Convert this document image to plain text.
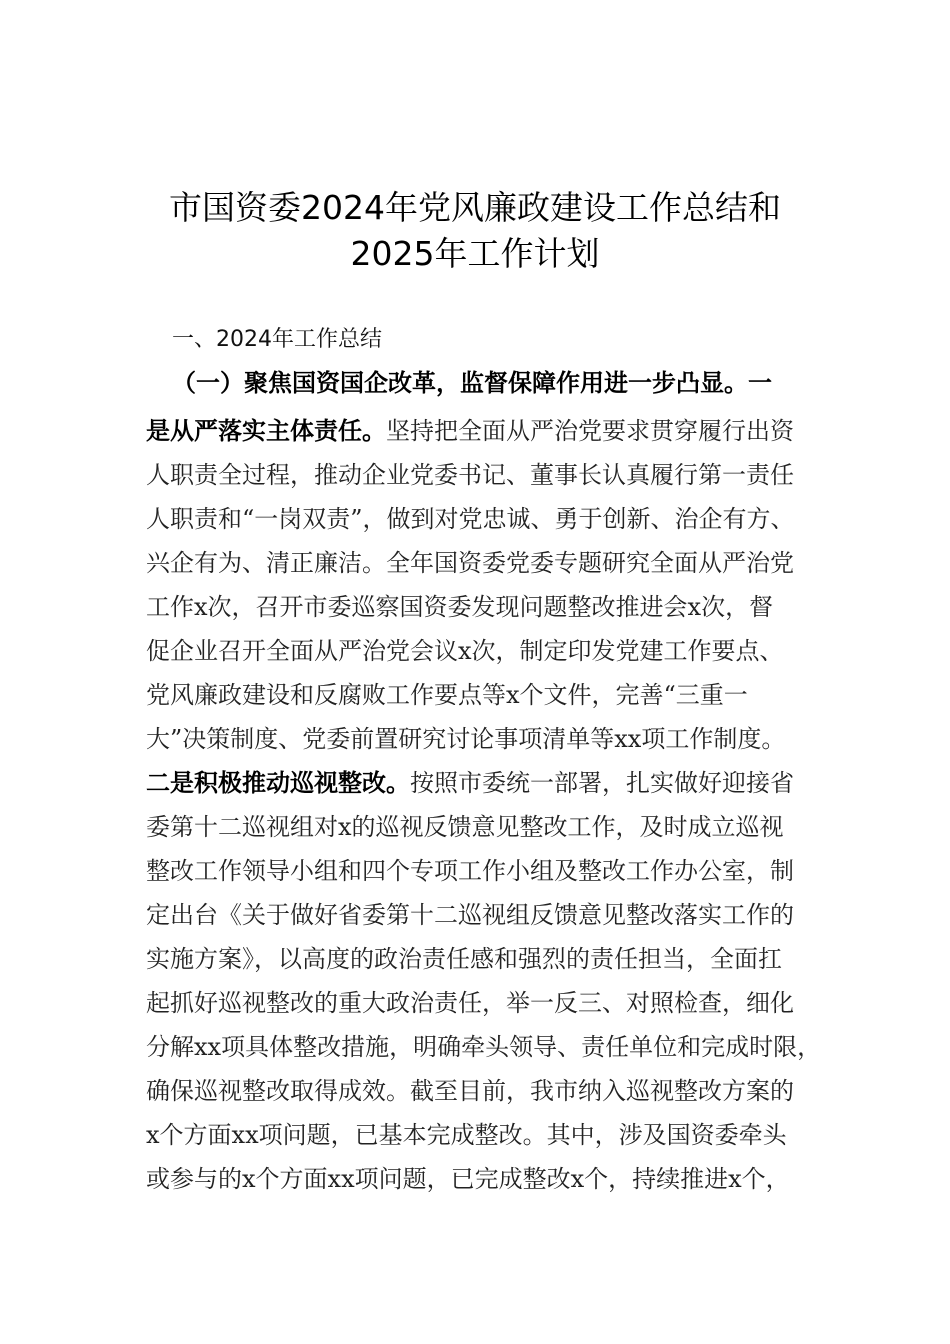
市国资委2024年党风廉政建设工作总结和
2025年工作计划
一、2024年工作总结
（一）聚焦国资国企改革，监督保障作用进一步凸显。一
是从严落实主体责任。坚持把全面从严治党要求贯穿履行出资
人职责全过程，推动企业党委书记、董事长认真履行第一责任
人职责和“一岗双责”，做到对党忠诚、勇于创新、治企有方、
兴企有为、清正廉洁。全年国资委党委专题研究全面从严治党
工作x次，召开市委巡察国资委发现问题整改推进会x次，督
促企业召开全面从严治党会议x次，制定印发党建工作要点、
党风廉政建设和反腐败工作要点等x个文件，完善“三重一
大”决策制度、党委前置研究讨论事项清单等xx项工作制度。
二是积极推动巡视整改。按照市委统一部署，扎实做好迎接省
委第十二巡视组对x的巡视反馈意见整改工作，及时成立巡视
整改工作领导小组和四个专项工作小组及整改工作办公室，制
定出台《关于做好省委第十二巡视组反馈意见整改落实工作的
实施方案》，以高度的政治责任感和强烈的责任担当，全面扛
起抓好巡视整改的重大政治责任，举一反三、对照检查，细化
分解xx项具体整改措施，明确牵头领导、责任单位和完成时限，
确保巡视整改取得成效。截至目前，我市纳入巡视整改方案的
x个方面xx项问题，已基本完成整改。其中，涉及国资委牵头
或参与的x个方面xx项问题，已完成整改x个，持续推进x个，
